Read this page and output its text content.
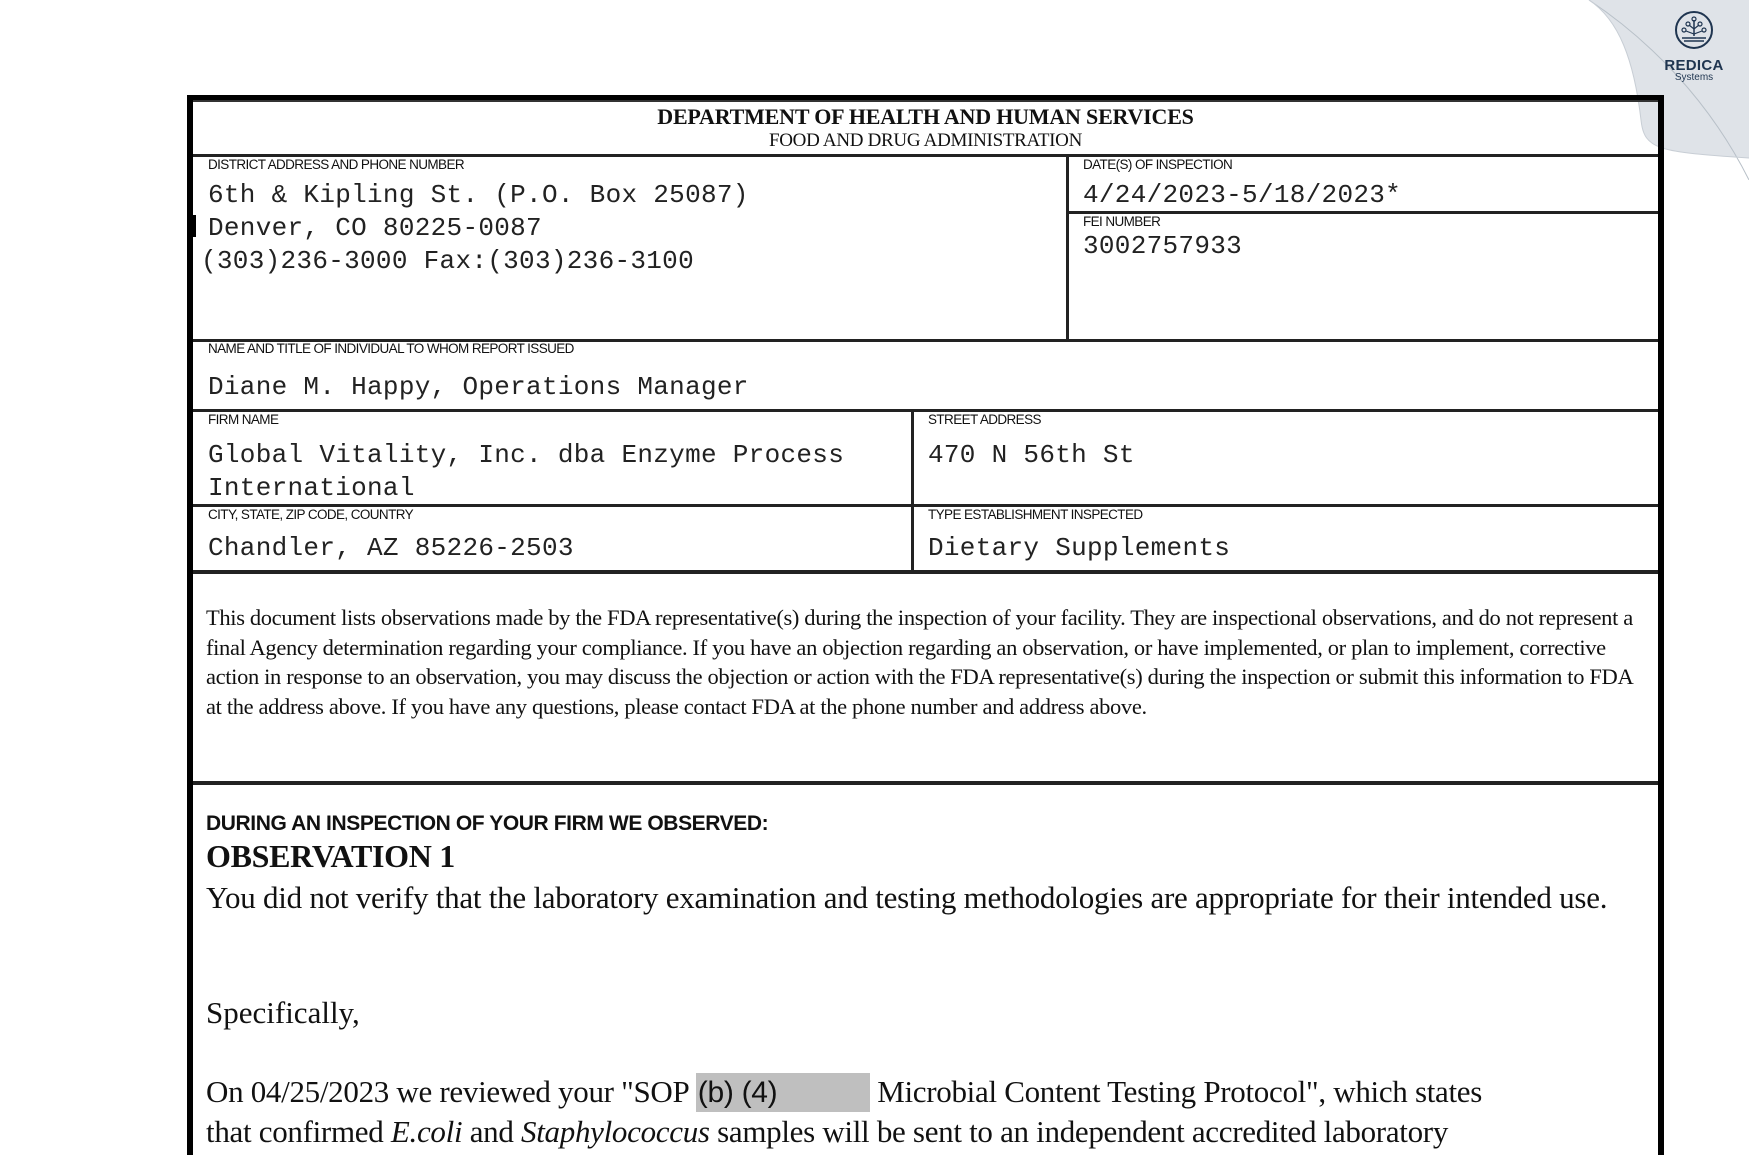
REDICA
Systems
DEPARTMENT OF HEALTH AND HUMAN SERVICES
FOOD AND DRUG ADMINISTRATION
DISTRICT ADDRESS AND PHONE NUMBER
6th & Kipling St. (P.O. Box 25087)
Denver, CO 80225-0087
(303)236-3000 Fax:(303)236-3100
DATE(S) OF INSPECTION
4/24/2023-5/18/2023*
FEI NUMBER
3002757933
NAME AND TITLE OF INDIVIDUAL TO WHOM REPORT ISSUED
Diane M. Happy, Operations Manager
FIRM NAME
Global Vitality, Inc. dba Enzyme Process
International
STREET ADDRESS
470 N 56th St
CITY, STATE, ZIP CODE, COUNTRY
Chandler, AZ 85226-2503
TYPE ESTABLISHMENT INSPECTED
Dietary Supplements
This document lists observations made by the FDA representative(s) during the inspection of your facility. They are inspectional observations, and do not represent a final Agency determination regarding your compliance. If you have an objection regarding an observation, or have implemented, or plan to implement, corrective action in response to an observation, you may discuss the objection or action with the FDA representative(s) during the inspection or submit this information to FDA at the address above. If you have any questions, please contact FDA at the phone number and address above.
DURING AN INSPECTION OF YOUR FIRM WE OBSERVED:
OBSERVATION 1
You did not verify that the laboratory examination and testing methodologies are appropriate for their intended use.
Specifically,
On 04/25/2023 we reviewed your "SOP (b) (4)	Microbial Content Testing Protocol", which states
that confirmed E.coli and Staphylococcus samples will be sent to an independent accredited laboratory
